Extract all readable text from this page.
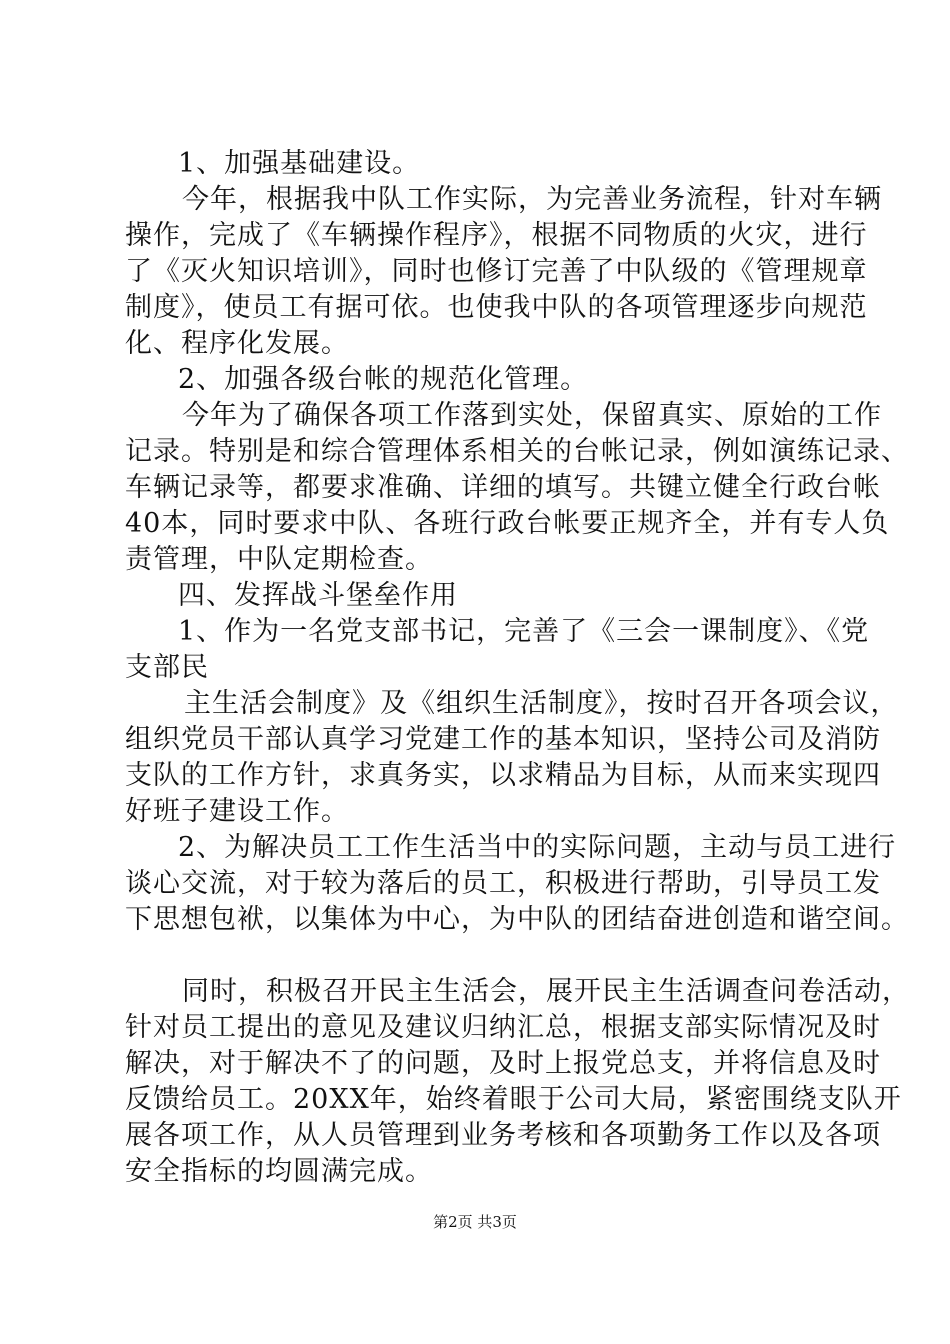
1、加强基础建设。
今年，根据我中队工作实际，为完善业务流程，针对车辆
操作，完成了《车辆操作程序》，根据不同物质的火灾，进行
了《灭火知识培训》，同时也修订完善了中队级的《管理规章
制度》，使员工有据可依。也使我中队的各项管理逐步向规范
化、程序化发展。
2、加强各级台帐的规范化管理。
今年为了确保各项工作落到实处，保留真实、原始的工作
记录。特别是和综合管理体系相关的台帐记录，例如演练记录、
车辆记录等，都要求准确、详细的填写。共键立健全行政台帐
40本，同时要求中队、各班行政台帐要正规齐全，并有专人负
责管理，中队定期检查。
四、发挥战斗堡垒作用
1、作为一名党支部书记，完善了《三会一课制度》、《党
支部民
主生活会制度》及《组织生活制度》，按时召开各项会议，
组织党员干部认真学习党建工作的基本知识，坚持公司及消防
支队的工作方针，求真务实，以求精品为目标，从而来实现四
好班子建设工作。
2、为解决员工工作生活当中的实际问题，主动与员工进行
谈心交流，对于较为落后的员工，积极进行帮助，引导员工发
下思想包袱，以集体为中心，为中队的团结奋进创造和谐空间。
同时，积极召开民主生活会，展开民主生活调查问卷活动，
针对员工提出的意见及建议归纳汇总，根据支部实际情况及时
解决，对于解决不了的问题，及时上报党总支，并将信息及时
反馈给员工。20XX年，始终着眼于公司大局，紧密围绕支队开
展各项工作，从人员管理到业务考核和各项勤务工作以及各项
安全指标的均圆满完成。
第2页 共3页
